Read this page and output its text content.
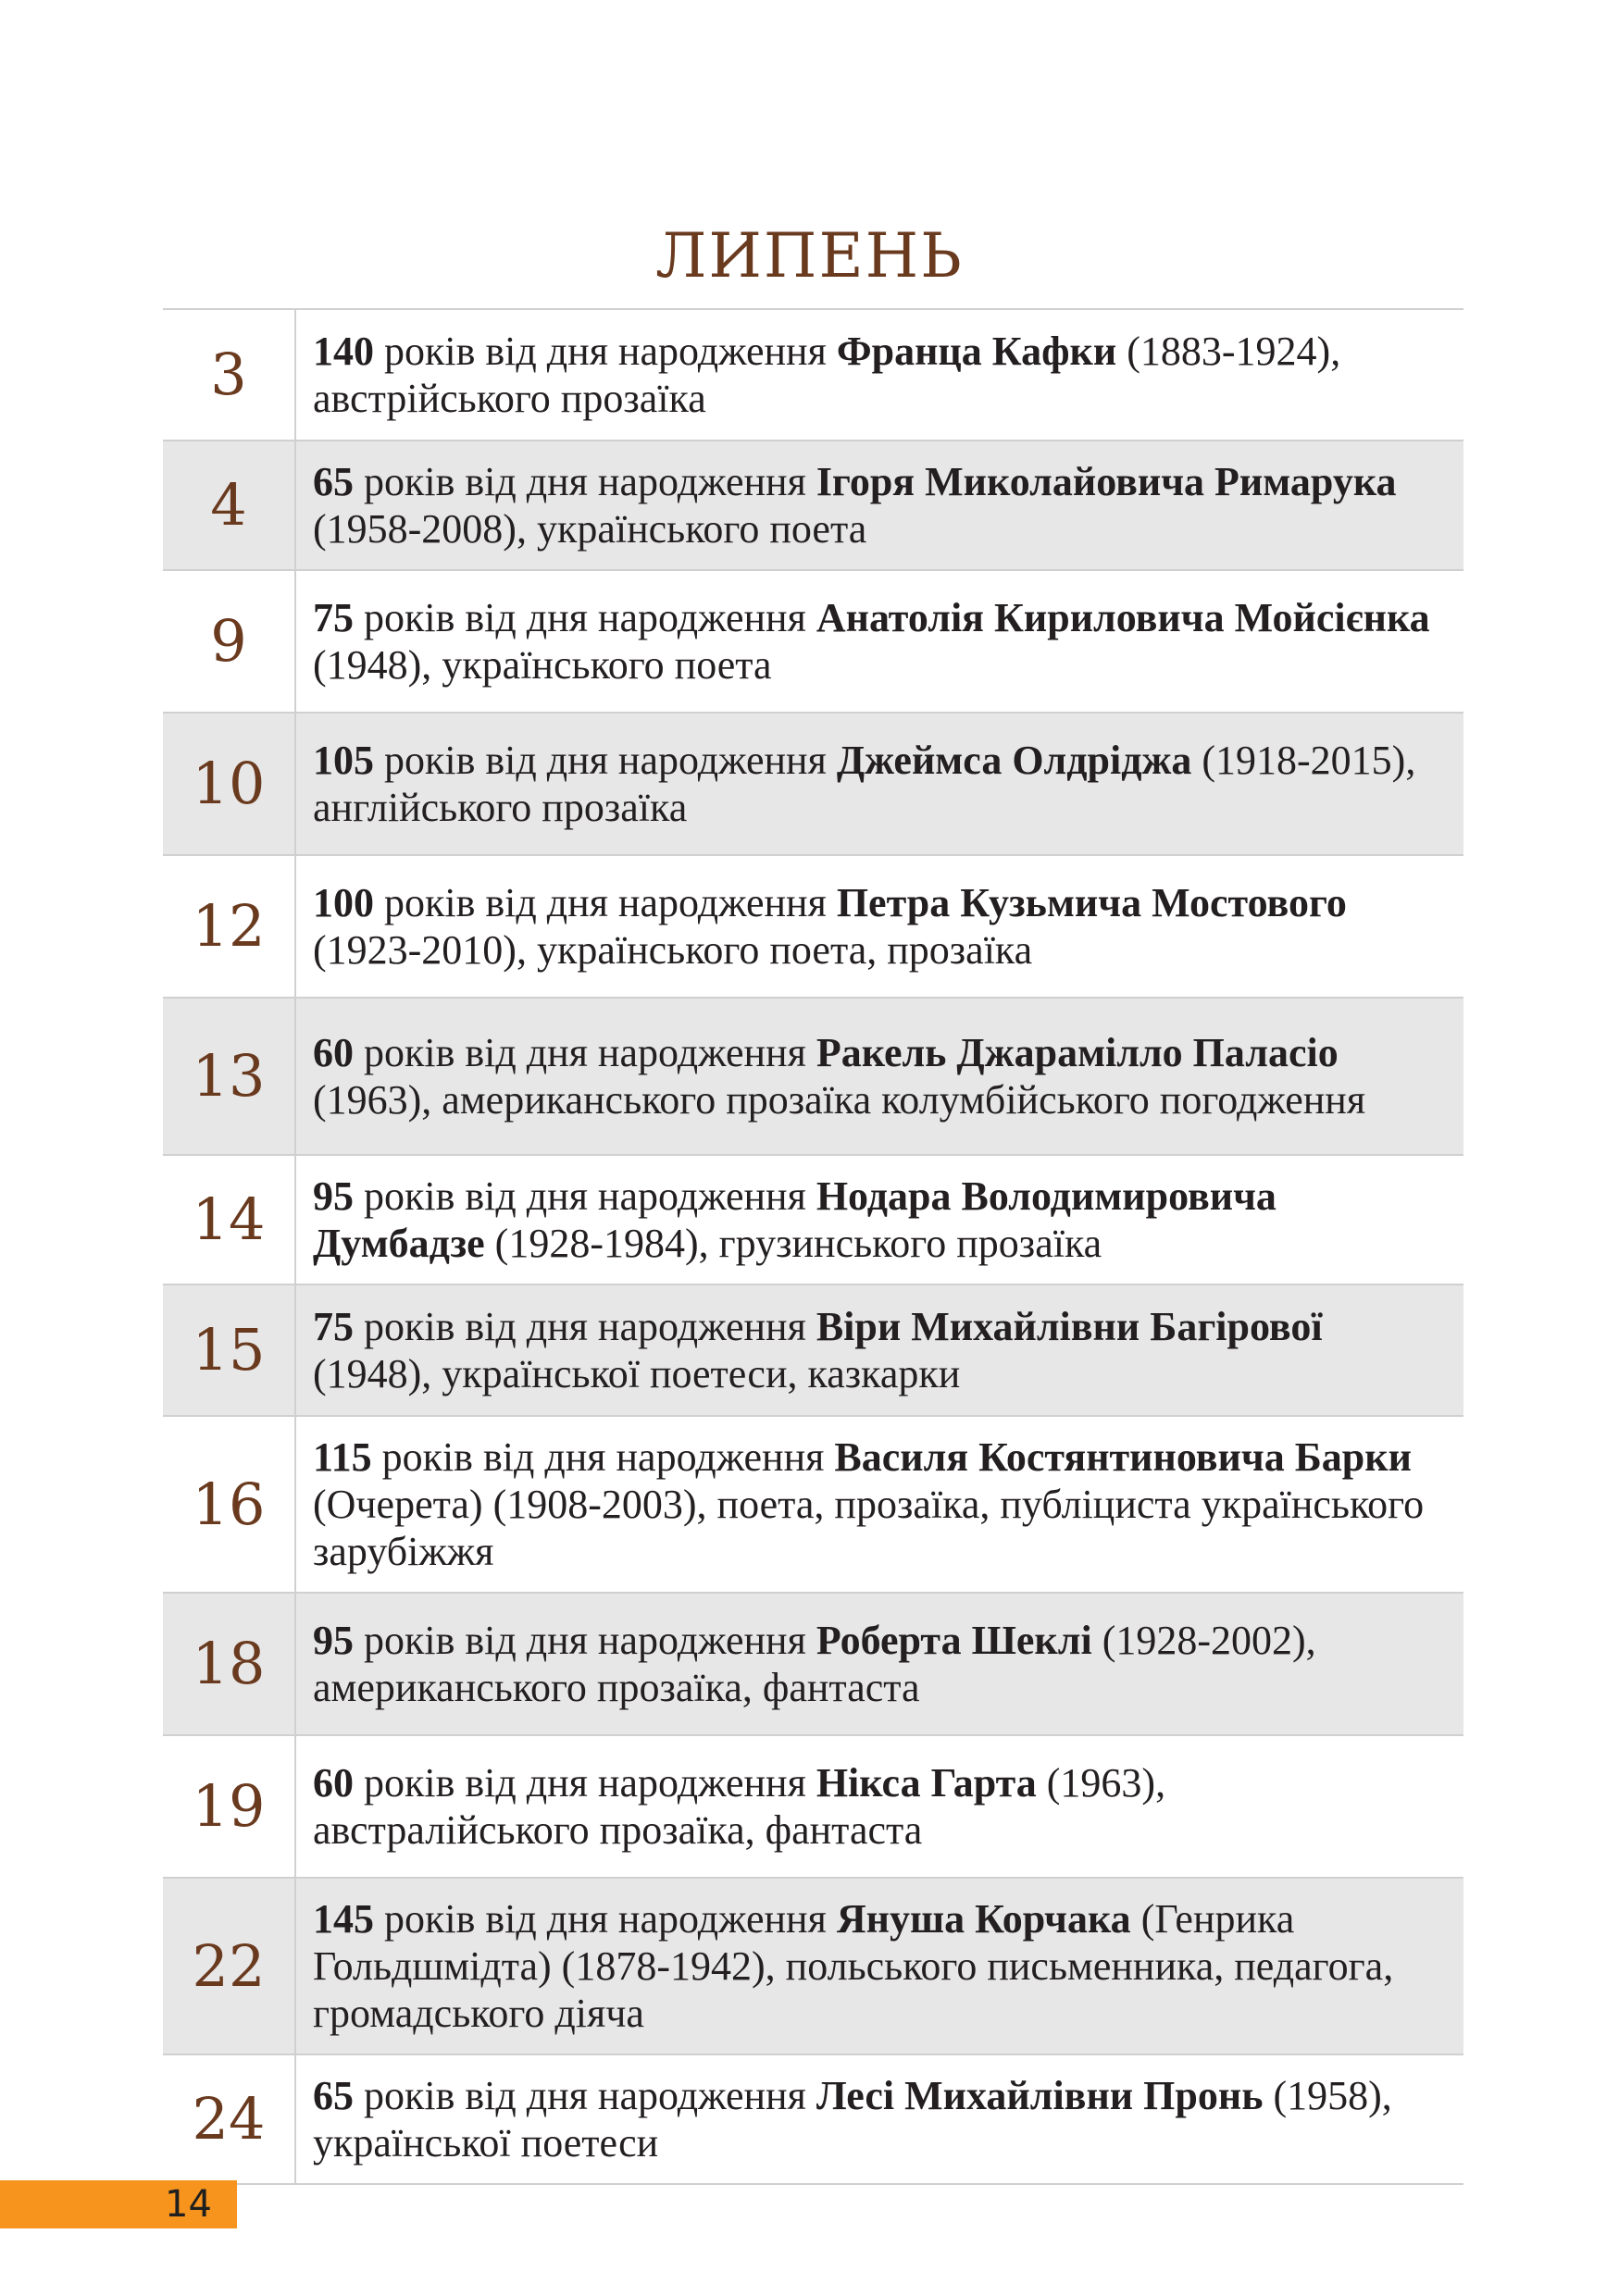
ЛИПЕНЬ
3	140 років від дня народження Франца Кафки (1883-1924), австрійського прозаїка
4	65 років від дня народження Ігоря Миколайовича Римарука (1958-2008), українського поета
9	75 років від дня народження Анатолія Кириловича Мойсієнка (1948), українського поета
10	105 років від дня народження Джеймса Олдріджа (1918-2015), англійського прозаїка
12	100 років від дня народження Петра Кузьмича Мостового (1923-2010), українського поета, прозаїка
13	60 років від дня народження Ракель Джарамілло Паласіо (1963), американського прозаїка колумбійського погодження
14	95 років від дня народження Нодара Володимировича Думбадзе (1928-1984), грузинського прозаїка
15	75 років від дня народження Віри Михайлівни Багірової (1948), української поетеси, казкарки
16	115 років від дня народження Василя Костянтиновича Барки (Очерета) (1908-2003), поета, прозаїка, публіциста українського зарубіжжя
18	95 років від дня народження Роберта Шеклі (1928-2002), американського прозаїка, фантаста
19	60 років від дня народження Нікса Гарта (1963), австралійського прозаїка, фантаста
22	145 років від дня народження Януша Корчака (Генрика Гольдшмідта) (1878-1942), польського письменника, педагога, громадського діяча
24	65 років від дня народження Лесі Михайлівни Пронь (1958), української поетеси
14
